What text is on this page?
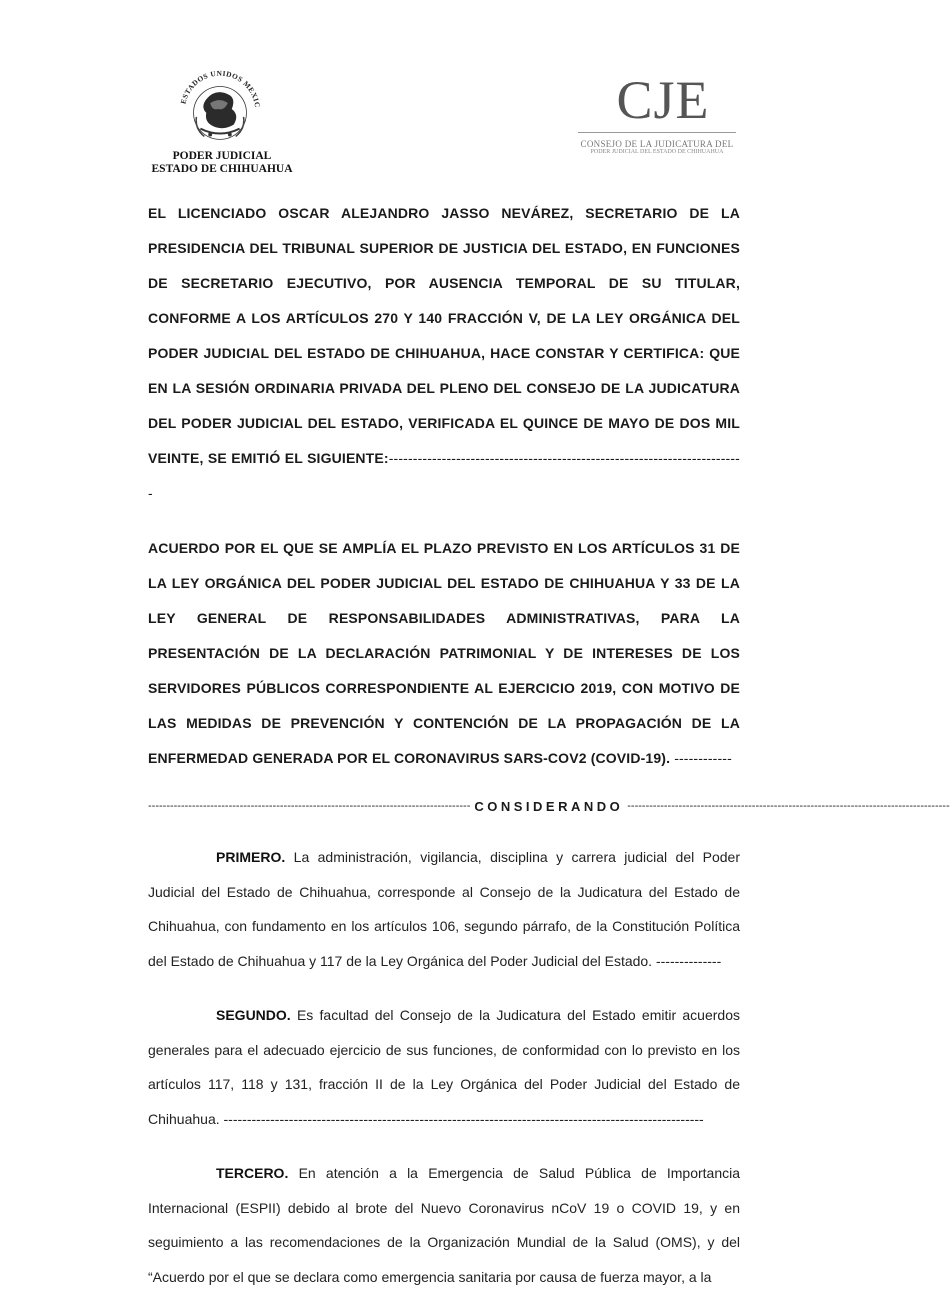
ESTADOS UNIDOS MEXIC
PODER JUDICIAL
ESTADO DE CHIHUAHUA
CJE
CONSEJO DE LA JUDICATURA DEL
PODER JUDICIAL DEL ESTADO DE CHIHUAHUA

EL LICENCIADO OSCAR ALEJANDRO JASSO NEVÁREZ, SECRETARIO DE LA PRESIDENCIA DEL TRIBUNAL SUPERIOR DE JUSTICIA DEL ESTADO, EN FUNCIONES DE SECRETARIO EJECUTIVO, POR AUSENCIA TEMPORAL DE SU TITULAR, CONFORME A LOS ARTÍCULOS 270 Y 140 FRACCIÓN V, DE LA LEY ORGÁNICA DEL PODER JUDICIAL DEL ESTADO DE CHIHUAHUA, HACE CONSTAR Y CERTIFICA: QUE EN LA SESIÓN ORDINARIA PRIVADA DEL PLENO DEL CONSEJO DE LA JUDICATURA DEL PODER JUDICIAL DEL ESTADO, VERIFICADA EL QUINCE DE MAYO DE DOS MIL VEINTE, SE EMITIÓ EL SIGUIENTE:--------------------------------------------------------------------------

ACUERDO POR EL QUE SE AMPLÍA EL PLAZO PREVISTO EN LOS ARTÍCULOS 31 DE LA LEY ORGÁNICA DEL PODER JUDICIAL DEL ESTADO DE CHIHUAHUA Y 33 DE LA LEY GENERAL DE RESPONSABILIDADES ADMINISTRATIVAS, PARA LA PRESENTACIÓN DE LA DECLARACIÓN PATRIMONIAL Y DE INTERESES DE LOS SERVIDORES PÚBLICOS CORRESPONDIENTE AL EJERCICIO 2019, CON MOTIVO DE LAS MEDIDAS DE PREVENCIÓN Y CONTENCIÓN DE LA PROPAGACIÓN DE LA ENFERMEDAD GENERADA POR EL CORONAVIRUS SARS-COV2 (COVID-19). ------------

---------------------------------------------------------------------------------------- CONSIDERANDO ----------------------------------------------------------------------------------------

PRIMERO. La administración, vigilancia, disciplina y carrera judicial del Poder Judicial del Estado de Chihuahua, corresponde al Consejo de la Judicatura del Estado de Chihuahua, con fundamento en los artículos 106, segundo párrafo, de la Constitución Política del Estado de Chihuahua y 117 de la Ley Orgánica del Poder Judicial del Estado. --------------

SEGUNDO. Es facultad del Consejo de la Judicatura del Estado emitir acuerdos generales para el adecuado ejercicio de sus funciones, de conformidad con lo previsto en los artículos 117, 118 y 131, fracción II de la Ley Orgánica del Poder Judicial del Estado de Chihuahua. -------------------------------------------------------------------------------------------------------

TERCERO. En atención a la Emergencia de Salud Pública de Importancia Internacional (ESPII) debido al brote del Nuevo Coronavirus nCoV 19 o COVID 19, y en seguimiento a las recomendaciones de la Organización Mundial de la Salud (OMS), y del “Acuerdo por el que se declara como emergencia sanitaria por causa de fuerza mayor, a la
